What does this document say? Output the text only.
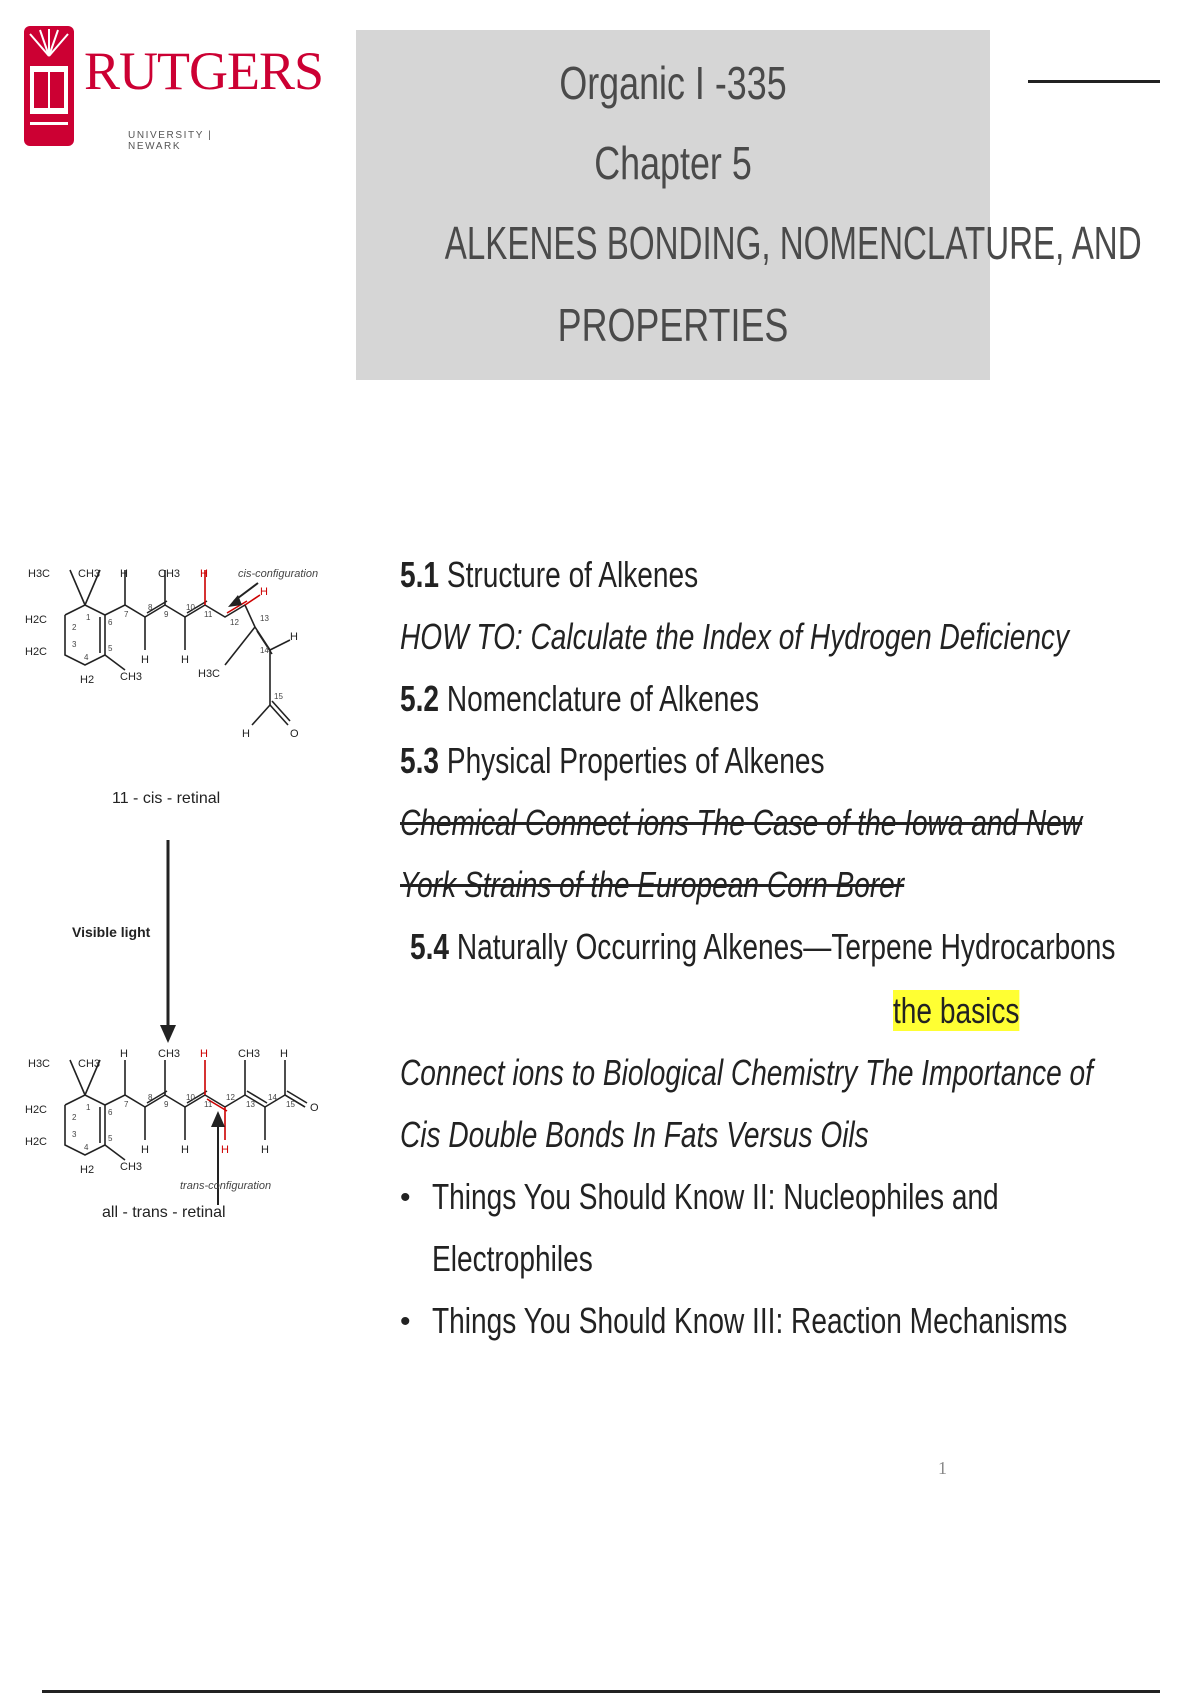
RUTGERS
UNIVERSITY | NEWARK
Organic I -335
Chapter 5
ALKENES BONDING, NOMENCLATURE, AND
PROPERTIES
H3C	CH3 H	CH3 H
H
H2C
H2C
H	H
CH3	H3C
H
H	O
H2
1
2
3
4
5
6
7
8
9
10
11
12	13
14
15
cis-configuration
11 - cis - retinal
Visible light
H3C	CH3
H	CH3 H	CH3 H
H2C
H2C
H	H	H	H
CH3
O
H2
1
2
3
4
5
6
7
8
9
10
11
12
13
14
15
trans-configuration
all - trans - retinal
5.1 Structure of Alkenes
HOW TO: Calculate the Index of Hydrogen Deficiency
5.2 Nomenclature of Alkenes
5.3 Physical Properties of Alkenes
Chemical Connect ions The Case of the Iowa and New
York Strains of the European Corn Borer
5.4 Naturally Occurring Alkenes—Terpene Hydrocarbons
the basics
Connect ions to Biological Chemistry The Importance of
Cis Double Bonds In Fats Versus Oils
• Things You Should Know II: Nucleophiles and
Electrophiles
• Things You Should Know III: Reaction Mechanisms
1
